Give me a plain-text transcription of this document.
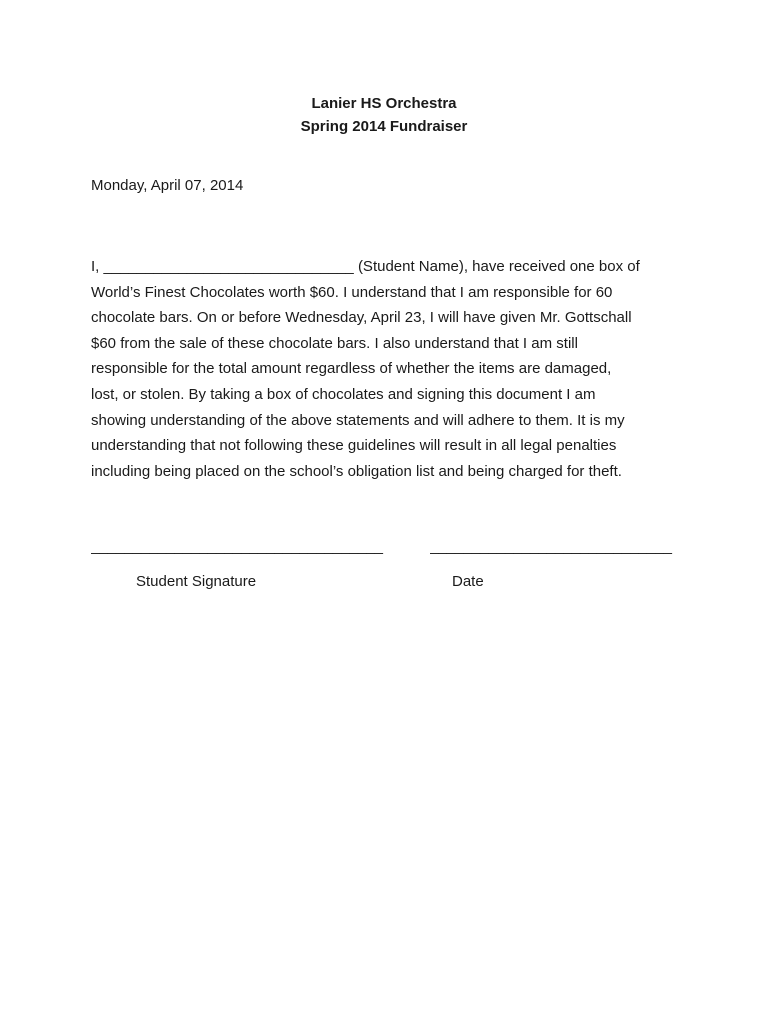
Lanier HS Orchestra
Spring 2014 Fundraiser
Monday, April 07, 2014
I, ______________________________ (Student Name), have received one box of
World’s Finest Chocolates worth $60. I understand that I am responsible for 60
chocolate bars. On or before Wednesday, April 23, I will have given Mr. Gottschall
$60 from the sale of these chocolate bars. I also understand that I am still
responsible for the total amount regardless of whether the items are damaged,
lost, or stolen. By taking a box of chocolates and signing this document I am
showing understanding of the above statements and will adhere to them. It is my
understanding that not following these guidelines will result in all legal penalties
including being placed on the school’s obligation list and being charged for theft.
___________________________________	_____________________________
Student Signature	Date
